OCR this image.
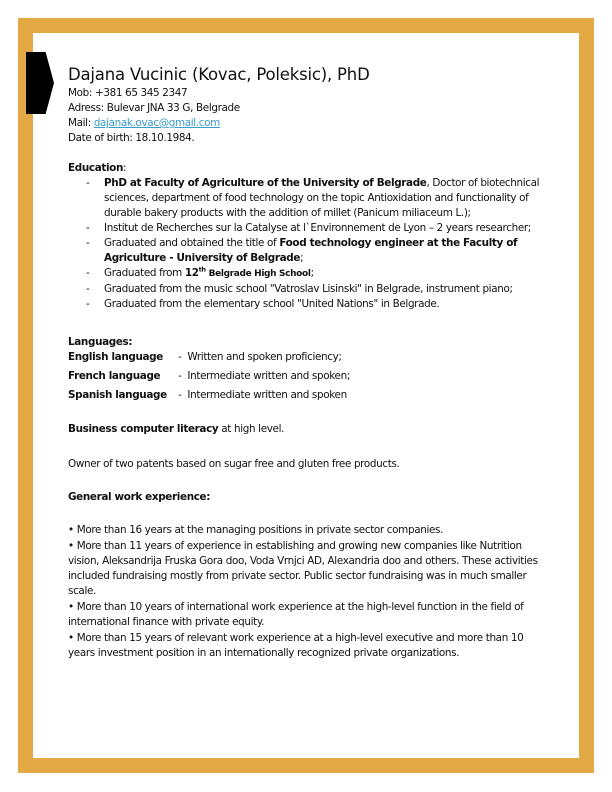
Dajana Vucinic (Kovac, Poleksic), PhD

Mob: +381 65 345 2347

Adress: Bulevar JNA 33 G, Belgrade

Mail: dajanak.ovac@gmail.com

Date of birth: 18.10.1984.

Education:

- PhD at Faculty of Agriculture of the University of Belgrade, Doctor of biotechnical sciences, department of food technology on the topic Antioxidation and functionality of durable bakery products with the addition of millet (Panicum miliaceum L.);
- Institut de Recherches sur la Catalyse at l`Environnement de Lyon – 2 years researcher;
- Graduated and obtained the title of Food technology engineer at the Faculty of Agriculture - University of Belgrade;
- Graduated from 12th Belgrade High School;
- Graduated from the music school "Vatroslav Lisinski" in Belgrade, instrument piano;
- Graduated from the elementary school "United Nations" in Belgrade.

Languages:

English language	- Written and spoken proficiency;
French language	- Intermediate written and spoken;
Spanish language	- Intermediate written and spoken

Business computer literacy at high level.

Owner of two patents based on sugar free and gluten free products.

General work experience:

• More than 16 years at the managing positions in private sector companies.

• More than 11 years of experience in establishing and growing new companies like Nutrition vision, Aleksandrija Fruska Gora doo, Voda Vrnjci AD, Alexandria doo and others. These activities included fundraising mostly from private sector. Public sector fundraising was in much smaller scale.

• More than 10 years of international work experience at the high-level function in the field of international finance with private equity.

• More than 15 years of relevant work experience at a high-level executive and more than 10 years investment position in an internationally recognized private organizations.
